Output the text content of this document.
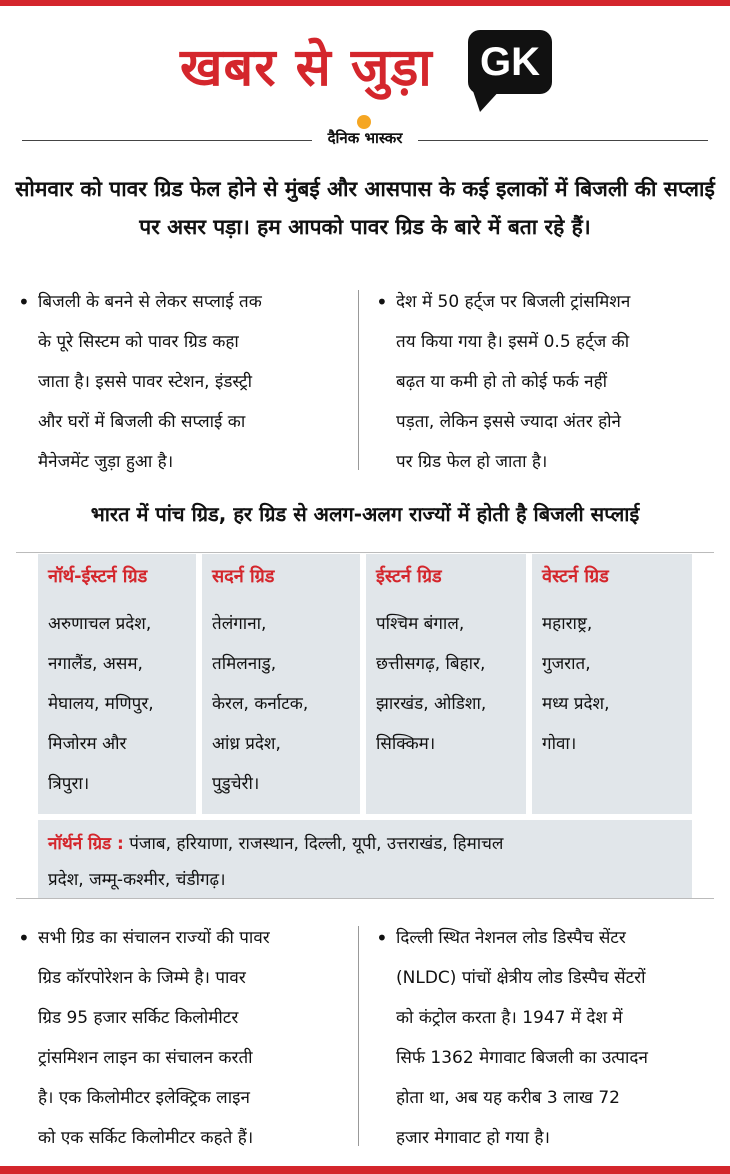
खबर से जुड़ा	GK
दैनिक भास्कर
सोमवार को पावर ग्रिड फेल होने से मुंबई और आसपास के कई इलाकों में बिजली की सप्लाई पर असर पड़ा। हम आपको पावर ग्रिड के बारे में बता रहे हैं।
• बिजली के बनने से लेकर सप्लाई तक
के पूरे सिस्टम को पावर ग्रिड कहा
जाता है। इससे पावर स्टेशन, इंडस्ट्री
और घरों में बिजली की सप्लाई का
मैनेजमेंट जुड़ा हुआ है।
• देश में 50 हर्ट्ज पर बिजली ट्रांसमिशन
तय किया गया है। इसमें 0.5 हर्ट्ज की
बढ़त या कमी हो तो कोई फर्क नहीं
पड़ता, लेकिन इससे ज्यादा अंतर होने
पर ग्रिड फेल हो जाता है।
भारत में पांच ग्रिड, हर ग्रिड से अलग-अलग राज्यों में होती है बिजली सप्लाई
नॉर्थ-ईस्टर्न ग्रिड
अरुणाचल प्रदेश,
नगालैंड, असम,
मेघालय, मणिपुर,
मिजोरम और
त्रिपुरा।
सदर्न ग्रिड
तेलंगाना,
तमिलनाडु,
केरल, कर्नाटक,
आंध्र प्रदेश,
पुडुचेरी।
ईस्टर्न ग्रिड
पश्चिम बंगाल,
छत्तीसगढ़, बिहार,
झारखंड, ओडिशा,
सिक्किम।
वेस्टर्न ग्रिड
महाराष्ट्र,
गुजरात,
मध्य प्रदेश,
गोवा।
नॉर्थर्न ग्रिड : पंजाब, हरियाणा, राजस्थान, दिल्ली, यूपी, उत्तराखंड, हिमाचल
प्रदेश, जम्मू-कश्मीर, चंडीगढ़।
• सभी ग्रिड का संचालन राज्यों की पावर
ग्रिड कॉरपोरेशन के जिम्मे है। पावर
ग्रिड 95 हजार सर्किट किलोमीटर
ट्रांसमिशन लाइन का संचालन करती
है। एक किलोमीटर इलेक्ट्रिक लाइन
को एक सर्किट किलोमीटर कहते हैं।
• दिल्ली स्थित नेशनल लोड डिस्पैच सेंटर
(NLDC) पांचों क्षेत्रीय लोड डिस्पैच सेंटरों
को कंट्रोल करता है। 1947 में देश में
सिर्फ 1362 मेगावाट बिजली का उत्पादन
होता था, अब यह करीब 3 लाख 72
हजार मेगावाट हो गया है।
